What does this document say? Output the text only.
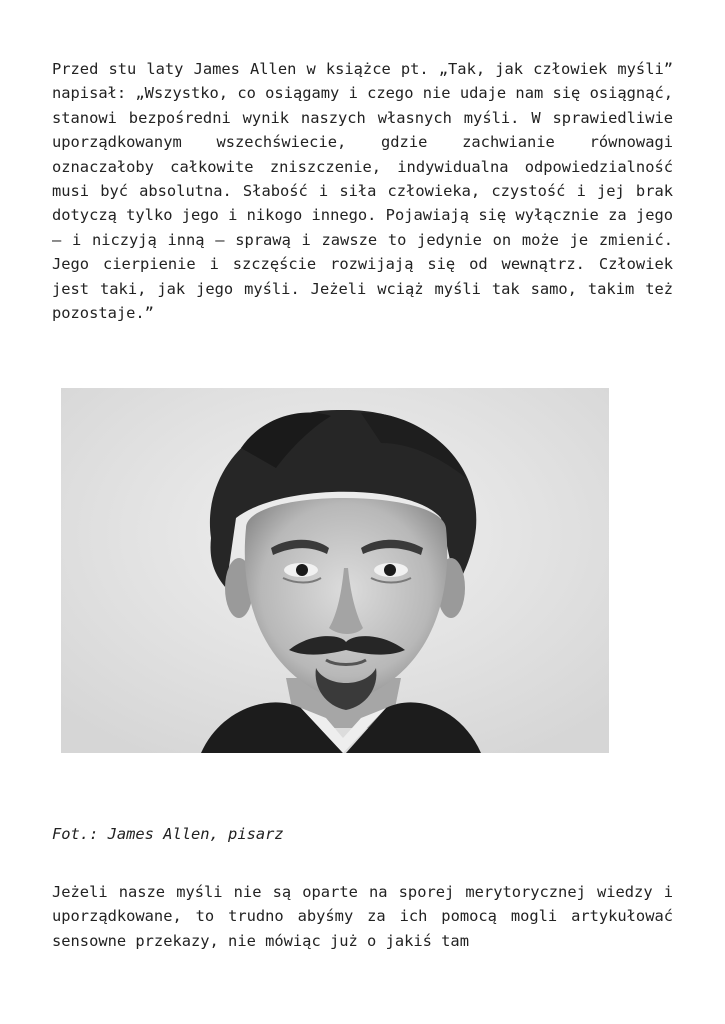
Przed stu laty James Allen w książce pt. „Tak, jak człowiek myśli” napisał: „Wszystko, co osiągamy i czego nie udaje nam się osiągnąć, stanowi bezpośredni wynik naszych własnych myśli. W sprawiedliwie uporządkowanym wszechświecie, gdzie zachwianie równowagi oznaczałoby całkowite zniszczenie, indywidualna odpowiedzialność musi być absolutna. Słabość i siła człowieka, czystość i jej brak dotyczą tylko jego i nikogo innego. Pojawiają się wyłącznie za jego – i niczyją inną – sprawą i zawsze to jedynie on może je zmienić. Jego cierpienie i szczęście rozwijają się od wewnątrz. Człowiek jest taki, jak jego myśli. Jeżeli wciąż myśli tak samo, takim też pozostaje.”

Fot.: James Allen, pisarz

Jeżeli nasze myśli nie są oparte na sporej merytorycznej wiedzy i uporządkowane, to trudno abyśmy za ich pomocą mogli artykułować sensowne przekazy, nie mówiąc już o jakiś tam
